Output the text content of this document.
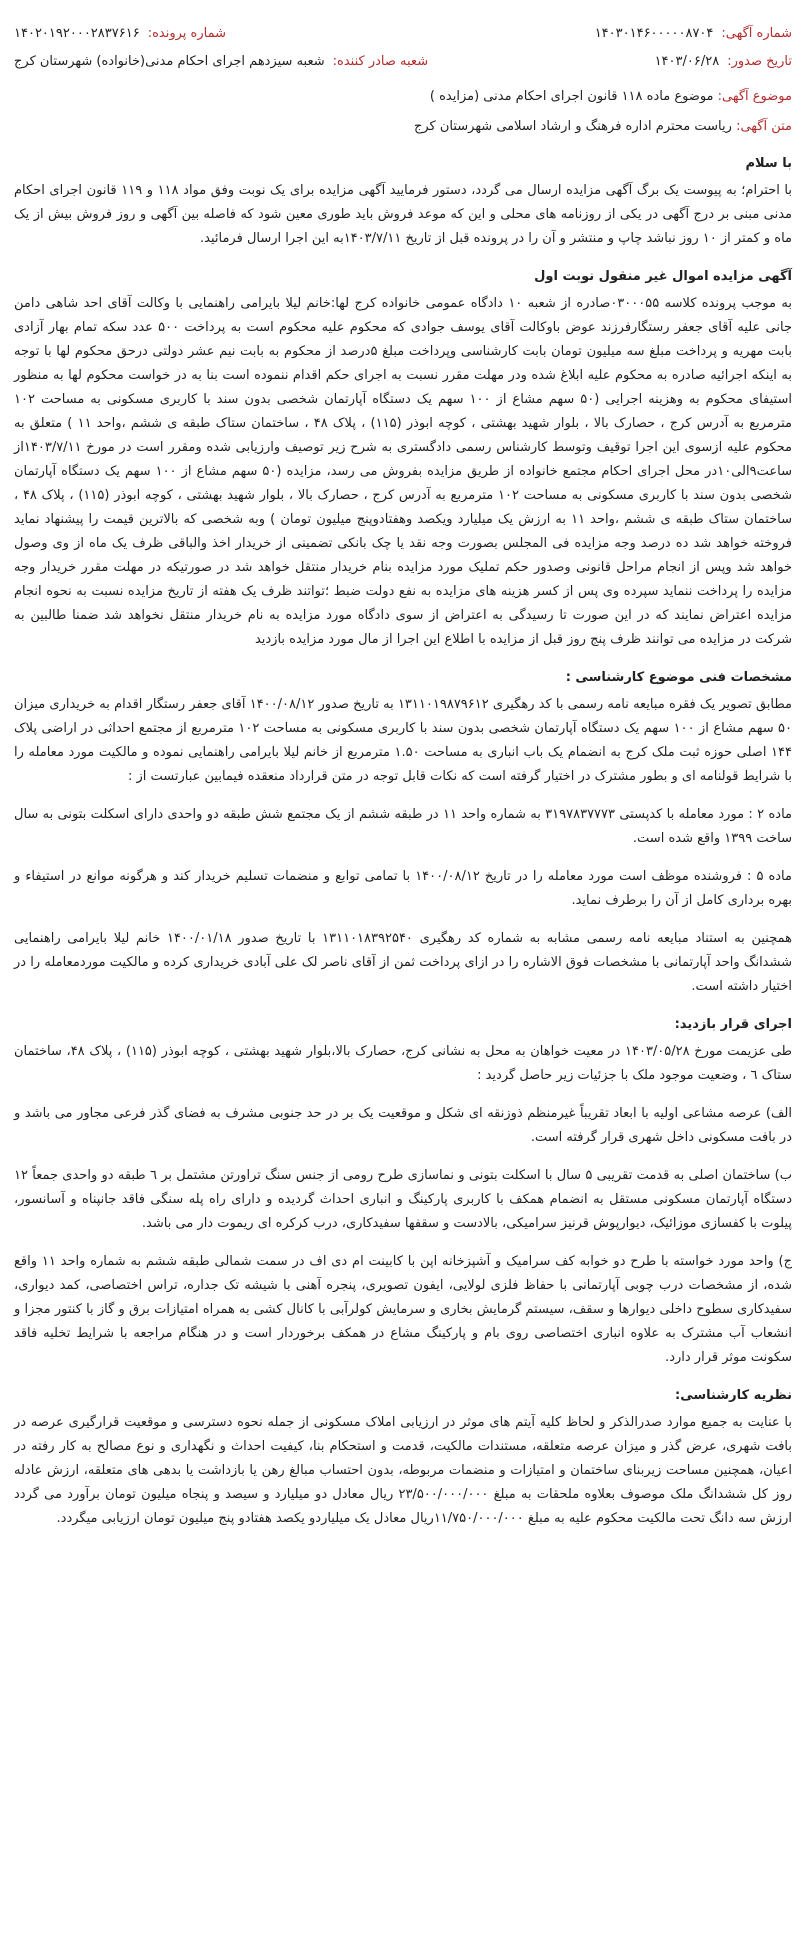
شماره آگهی:
۱۴۰۳۰۱۴۶۰۰۰۰۰۸۷۰۴
شماره پرونده:
۱۴۰۲۰۱۹۲۰۰۰۲۸۳۷۶۱۶
تاریخ صدور:
۱۴۰۳/۰۶/۲۸
شعبه صادر کننده:
شعبه سیزدهم اجرای احکام مدنی(خانواده) شهرستان کرج
موضوع آگهی: موضوع ماده ۱۱۸ قانون اجرای احکام مدنی (مزایده )
متن آگهی: ریاست محترم اداره فرهنگ و ارشاد اسلامی شهرستان کرج
با سلام

با احترام؛ به پیوست یک برگ آگهی مزایده ارسال می گردد، دستور فرمایید آگهی مزایده برای یک نوبت وفق مواد ۱۱۸ و ۱۱۹ قانون اجرای احکام مدنی مبنی بر درج آگهی در یکی از روزنامه های محلی و این که موعد فروش باید طوری معین شود که فاصله بین آگهی و روز فروش بیش از یک ماه و کمتر از ۱۰ روز نباشد چاپ و منتشر و آن را در پرونده قبل از تاریخ ۱۴۰۳/۷/۱۱به این اجرا ارسال فرمائید.

آگهی مزایده اموال غیر منقول نوبت اول

به موجب پرونده کلاسه ۰۳۰۰۰۵۵صادره از شعبه ۱۰ دادگاه عمومی خانواده کرج لها:خانم لیلا بایرامی راهنمایی با وکالت آقای احد شاهی دامن جانی علیه آقای جعفر رستگارفرزند عوض باوکالت آقای یوسف جوادی که محکوم علیه محکوم است به پرداخت ۵۰۰ عدد سکه تمام بهار آزادی بابت مهریه و پرداخت مبلغ سه میلیون تومان بابت کارشناسی وپرداخت مبلغ ۵درصد از محکوم به بابت نیم عشر دولتی درحق محکوم لها با توجه به اینکه اجرائیه صادره به محکوم علیه ابلاغ شده ودر مهلت مقرر نسبت به اجرای حکم اقدام ننموده است بنا به در خواست محکوم لها به منظور استیفای محکوم به وهزینه اجرایی (۵۰ سهم مشاع از ۱۰۰ سهم یک دستگاه آپارتمان شخصی بدون سند با کاربری مسکونی به مساحت ۱۰۲ مترمربع به آدرس کرج ، حصارک بالا ، بلوار شهید بهشتی ، کوچه ابوذر (۱۱۵) ، پلاک ۴۸ ، ساختمان ستاک طبقه ی ششم ،واحد ۱۱ ) متعلق به محکوم علیه ازسوی این اجرا توقیف وتوسط کارشناس رسمی دادگستری به شرح زیر توصیف وارزیابی شده ومقرر است در مورخ ۱۴۰۳/۷/۱۱از ساعت۹الی۱۰در محل اجرای احکام مجتمع خانواده از طریق مزایده بفروش می رسد، مزایده (۵۰ سهم مشاع از ۱۰۰ سهم یک دستگاه آپارتمان شخصی بدون سند با کاربری مسکونی به مساحت ۱۰۲ مترمربع به آدرس کرج ، حصارک بالا ، بلوار شهید بهشتی ، کوچه ابوذر (۱۱۵) ، پلاک ۴۸ ، ساختمان ستاک طبقه ی ششم ،واحد ۱۱ به ارزش یک میلیارد ویکصد وهفتادوپنج میلیون تومان ) وبه شخصی که بالاترین قیمت را پیشنهاد نماید فروخته خواهد شد ده درصد وجه مزایده فی المجلس بصورت وجه نقد یا چک بانکی تضمینی از خریدار اخذ والباقی ظرف یک ماه از وی وصول خواهد شد وپس از انجام مراحل قانونی وصدور حکم تملیک مورد مزایده بنام خریدار منتقل خواهد شد در صورتیکه در مهلت مقرر خریدار وجه مزایده را پرداخت ننماید سپرده وی پس از کسر هزینه های مزایده به نفع دولت ضبط ؛تواتند ظرف یک هفته از تاریخ مزایده نسبت به نحوه انجام مزایده اعتراض نمایند که در این صورت تا رسیدگی به اعتراض از سوی دادگاه مورد مزایده به نام خریدار منتقل نخواهد شد ضمنا طالبین به شرکت در مزایده می توانند ظرف پنج روز قبل از مزایده با اطلاع این اجرا از مال مورد مزایده بازدید

مشخصات فنی موضوع کارشناسی :

مطابق تصویر یک فقره مبایعه نامه رسمی با کد رهگیری ۱۳۱۱۰۱۹۸۷۹۶۱۲ به تاریخ صدور ۱۴۰۰/۰۸/۱۲ آقای جعفر رستگار اقدام به خریداری میزان ۵۰ سهم مشاع از ۱۰۰ سهم یک دستگاه آپارتمان شخصی بدون سند با کاربری مسکونی به مساحت ۱۰۲ مترمربع از مجتمع احداثی در اراضی پلاک ۱۴۴ اصلی حوزه ثبت ملک کرج به انضمام یک باب انباری به مساحت ۱.۵۰ مترمربع از خانم لیلا بایرامی راهنمایی نموده و مالکیت مورد معامله را با شرایط قولنامه ای و بطور مشترک در اختیار گرفته است که نکات قابل توجه در متن قرارداد منعقده فیمابین عبارتست از :

ماده ۲ : مورد معامله با کدپستی ۳۱۹۷۸۳۷۷۷۳ به شماره واحد ۱۱ در طبقه ششم از یک مجتمع شش طبقه دو واحدی دارای اسکلت بتونی به سال ساخت ۱۳۹۹ واقع شده است.

ماده ۵ : فروشنده موظف است مورد معامله را در تاریخ ۱۴۰۰/۰۸/۱۲ با تمامی توابع و منضمات تسلیم خریدار کند و هرگونه موانع در استیفاء و بهره برداری کامل از آن را برطرف نماید.

همچنین به استناد مبایعه نامه رسمی مشابه به شماره کد رهگیری ۱۳۱۱۰۱۸۳۹۲۵۴۰ با تاریخ صدور ۱۴۰۰/۰۱/۱۸ خانم لیلا بایرامی راهنمایی ششدانگ واحد آپارتمانی با مشخصات فوق الاشاره را در ازای پرداخت ثمن از آقای ناصر لک علی آبادی خریداری کرده و مالکیت موردمعامله را در اختیار داشته است.

اجرای قرار بازدید:

طی عزیمت مورخ ۱۴۰۳/۰۵/۲۸ در معیت خواهان به محل به نشانی کرج، حصارک بالا،بلوار شهید بهشتی ، کوچه ابوذر (۱۱۵) ، پلاک ۴۸، ساختمان ستاک ٦ ، وضعیت موجود ملک با جزئیات زیر حاصل گردید :

الف) عرصه مشاعی اولیه با ابعاد تقریباً غیرمنظم ذوزنقه ای شکل و موقعیت یک بر در حد جنوبی مشرف به فضای گذر فرعی مجاور می باشد و در بافت مسکونی داخل شهری قرار گرفته است.

ب) ساختمان اصلی به قدمت تقریبی ۵ سال با اسکلت بتونی و نماسازی طرح رومی از جنس سنگ تراورتن مشتمل بر ٦ طبقه دو واحدی جمعاً ۱۲ دستگاه آپارتمان مسکونی مستقل به انضمام همکف با کاربری پارکینگ و انباری احداث گردیده و دارای راه پله سنگی فاقد جانپناه و آسانسور، پیلوت با کفسازی موزائیک، دیوارپوش قرنیز سرامیکی، بالادست و سقفها سفیدکاری، درب کرکره ای ریموت دار می باشد.

ج) واحد مورد خواسته با طرح دو خوابه کف سرامیک و آشپزخانه اپن با کابینت ام دی اف در سمت شمالی طبقه ششم به شماره واحد ۱۱ واقع شده، از مشخصات درب چوبی آپارتمانی با حفاظ فلزی لولایی، ایفون تصویری، پنجره آهنی با شیشه تک جداره، تراس اختصاصی، کمد دیواری، سفیدکاری سطوح داخلی دیوارها و سقف، سیستم گرمایش بخاری و سرمایش کولرآبی با کانال کشی به همراه امتیازات برق و گاز با کنتور مجزا و انشعاب آب مشترک به علاوه انباری اختصاصی روی بام و پارکینگ مشاع در همکف برخوردار است و در هنگام مراجعه با شرایط تخلیه فاقد سکونت موثر قرار دارد.

نظریه کارشناسی:

با عنایت به جمیع موارد صدرالذکر و لحاظ کلیه آیتم های موثر در ارزیابی املاک مسکونی از جمله نحوه دسترسی و موقعیت قرارگیری عرصه در بافت شهری، عرض گذر و میزان عرصه متعلقه، مستندات مالکیت، قدمت و استحکام بنا، کیفیت احداث و نگهداری و نوع مصالح به کار رفته در اعیان، همچنین مساحت زیربنای ساختمان و امتیازات و منضمات مربوطه، بدون احتساب مبالغ رهن یا بازداشت یا بدهی های متعلقه، ارزش عادله روز کل ششدانگ ملک موصوف بعلاوه ملحقات به مبلغ ۲۳/۵۰۰/۰۰۰/۰۰۰ ریال معادل دو میلیارد و سیصد و پنجاه میلیون تومان برآورد می گردد ارزش سه دانگ تحت مالکیت محکوم علیه به مبلغ ۱۱/۷۵۰/۰۰۰/۰۰۰ریال معادل یک میلیاردو یکصد هفتادو پنج میلیون تومان ارزیابی میگردد.
